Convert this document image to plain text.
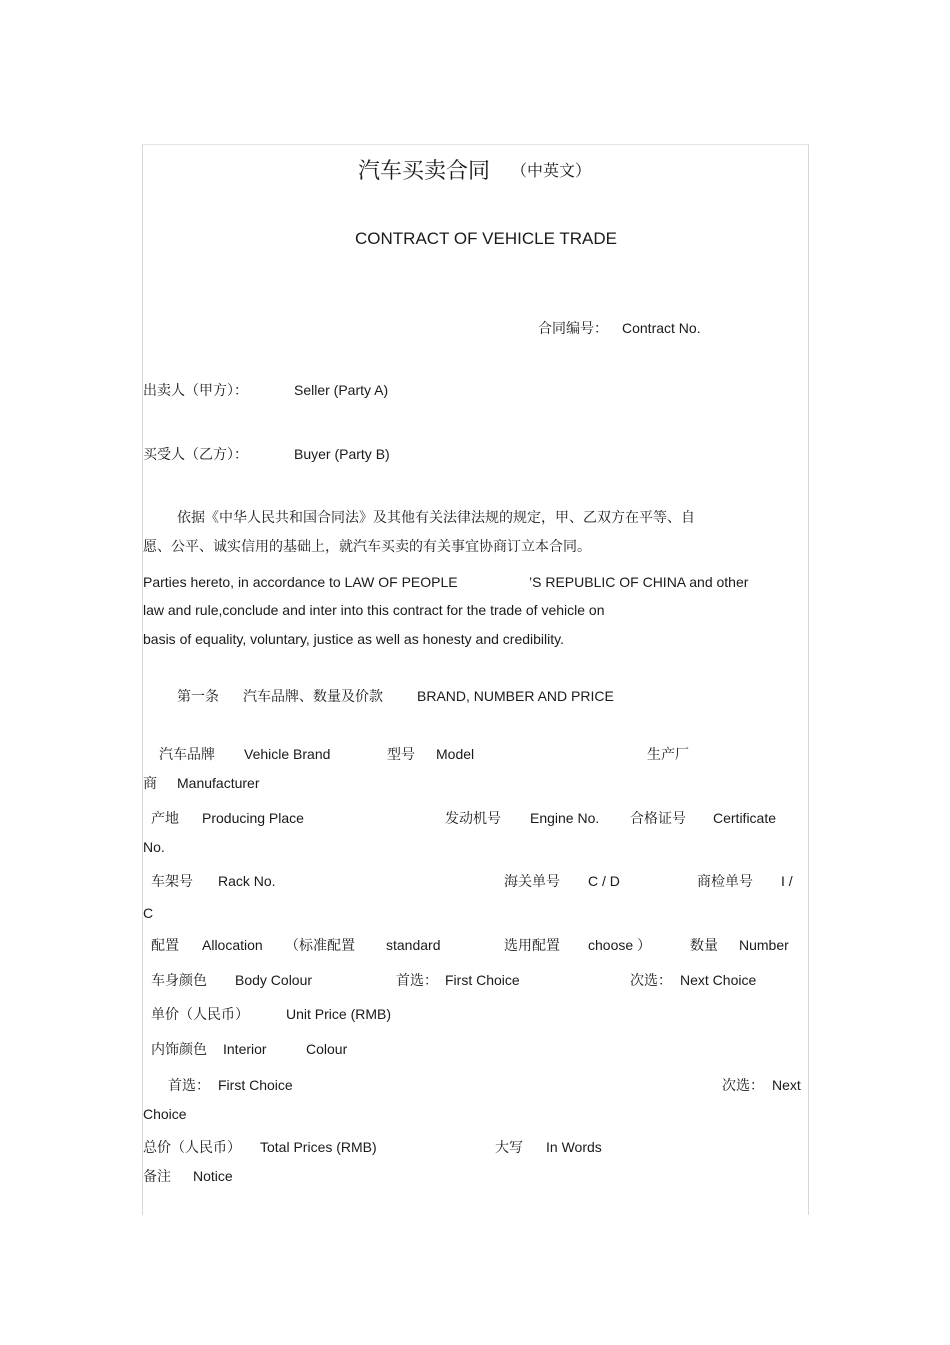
汽车买卖合同 （中英文）
CONTRACT OF VEHICLE TRADE
合同编号： Contract No.
出卖人（甲方）：	Seller (Party A)
买受人（乙方）：	Buyer (Party B)
依据《中华人民共和国合同法》及其他有关法律法规的规定，甲、乙双方在平等、自
愿、公平、诚实信用的基础上，就汽车买卖的有关事宜协商订立本合同。
Parties hereto, in accordance to LAW OF PEOPLE	’S REPUBLIC OF CHINA and other
law and rule,conclude and inter into this contract for the trade of vehicle on
basis of equality, voluntary, justice as well as honesty and credibility.
第一条 汽车品牌、数量及价款 BRAND, NUMBER AND PRICE
汽车品牌 Vehicle Brand	型号 Model	生产厂
商 Manufacturer
产地 Producing Place	发动机号 Engine No. 合格证号 Certificate
No.
车架号 Rack No.	海关单号 C / D	商检单号 I /
C
配置 Allocation （标准配置 standard	选用配置 choose ）	数量 Number
车身颜色 Body Colour	首选： First Choice	次选： Next Choice
单价（人民币）	Unit Price (RMB)
内饰颜色 Interior	Colour
首选： First Choice	次选： Next
Choice
总价（人民币） Total Prices (RMB)	大写 In Words
备注 Notice
